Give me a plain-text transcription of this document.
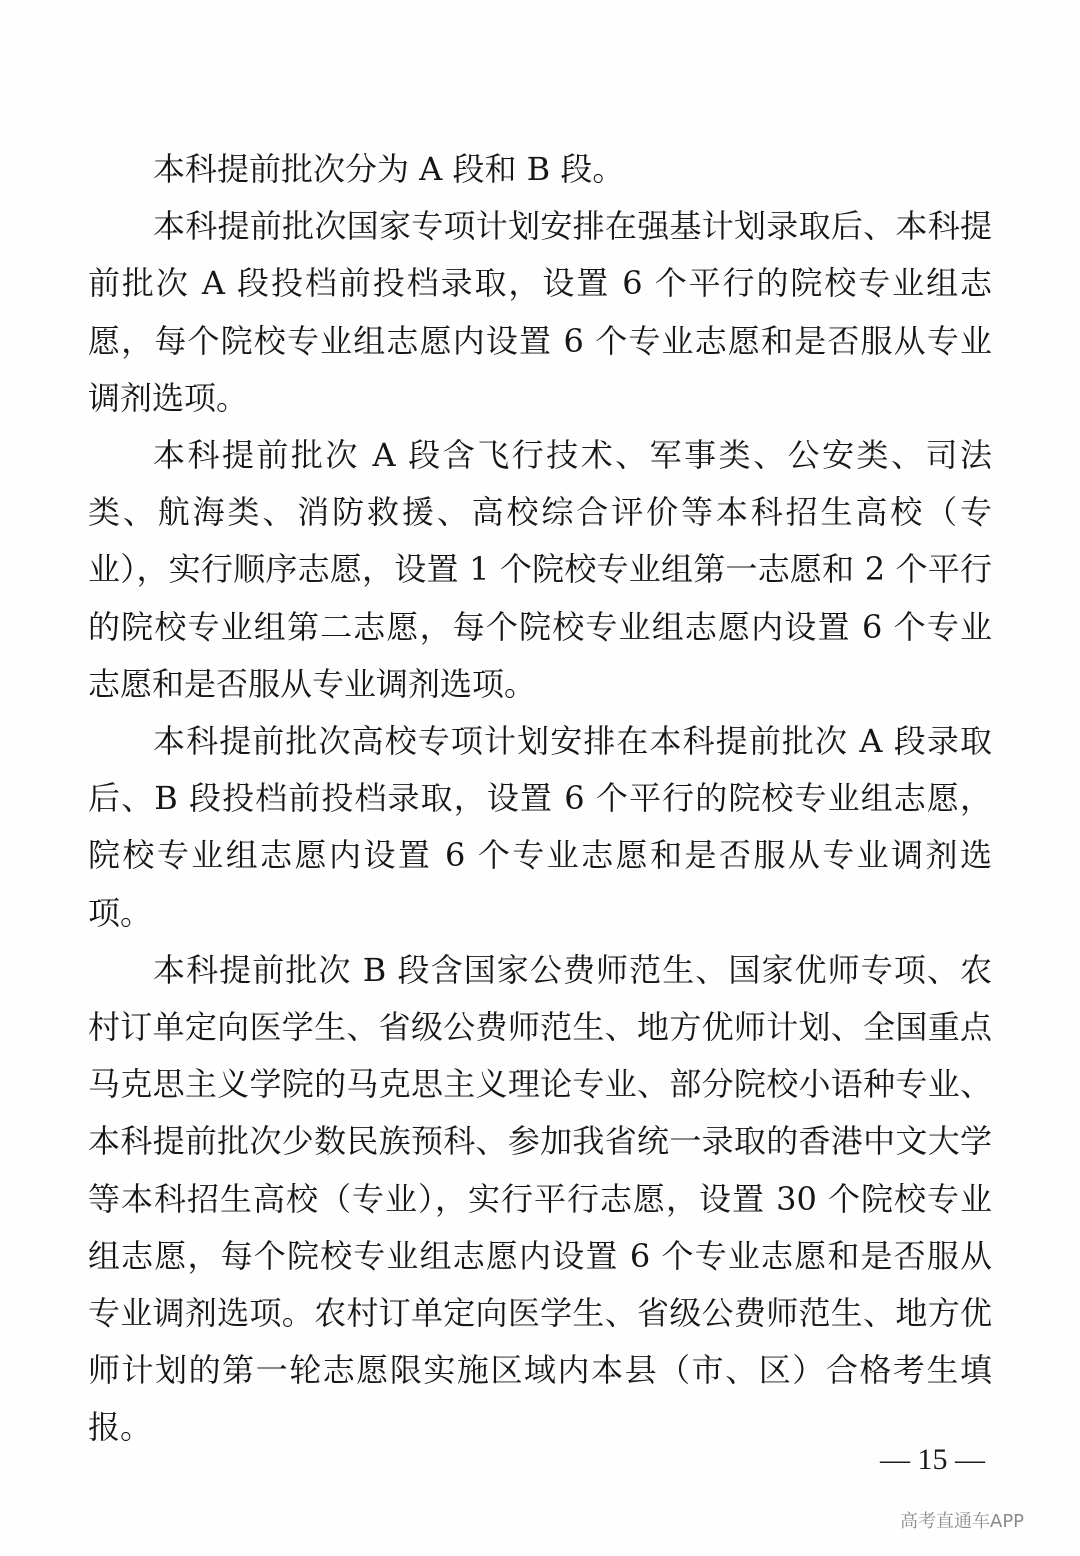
本科提前批次分为 A 段和 B 段。

本科提前批次国家专项计划安排在强基计划录取后、本科提前批次 A 段投档前投档录取，设置 6 个平行的院校专业组志愿，每个院校专业组志愿内设置 6 个专业志愿和是否服从专业调剂选项。

本科提前批次 A 段含飞行技术、军事类、公安类、司法类、航海类、消防救援、高校综合评价等本科招生高校（专业），实行顺序志愿，设置 1 个院校专业组第一志愿和 2 个平行的院校专业组第二志愿，每个院校专业组志愿内设置 6 个专业志愿和是否服从专业调剂选项。

本科提前批次高校专项计划安排在本科提前批次 A 段录取后、B 段投档前投档录取，设置 6 个平行的院校专业组志愿，院校专业组志愿内设置 6 个专业志愿和是否服从专业调剂选项。

本科提前批次 B 段含国家公费师范生、国家优师专项、农村订单定向医学生、省级公费师范生、地方优师计划、全国重点马克思主义学院的马克思主义理论专业、部分院校小语种专业、本科提前批次少数民族预科、参加我省统一录取的香港中文大学等本科招生高校（专业），实行平行志愿，设置 30 个院校专业组志愿，每个院校专业组志愿内设置 6 个专业志愿和是否服从专业调剂选项。农村订单定向医学生、省级公费师范生、地方优师计划的第一轮志愿限实施区域内本县（市、区）合格考生填报。

— 15 —
高考直通车APP
